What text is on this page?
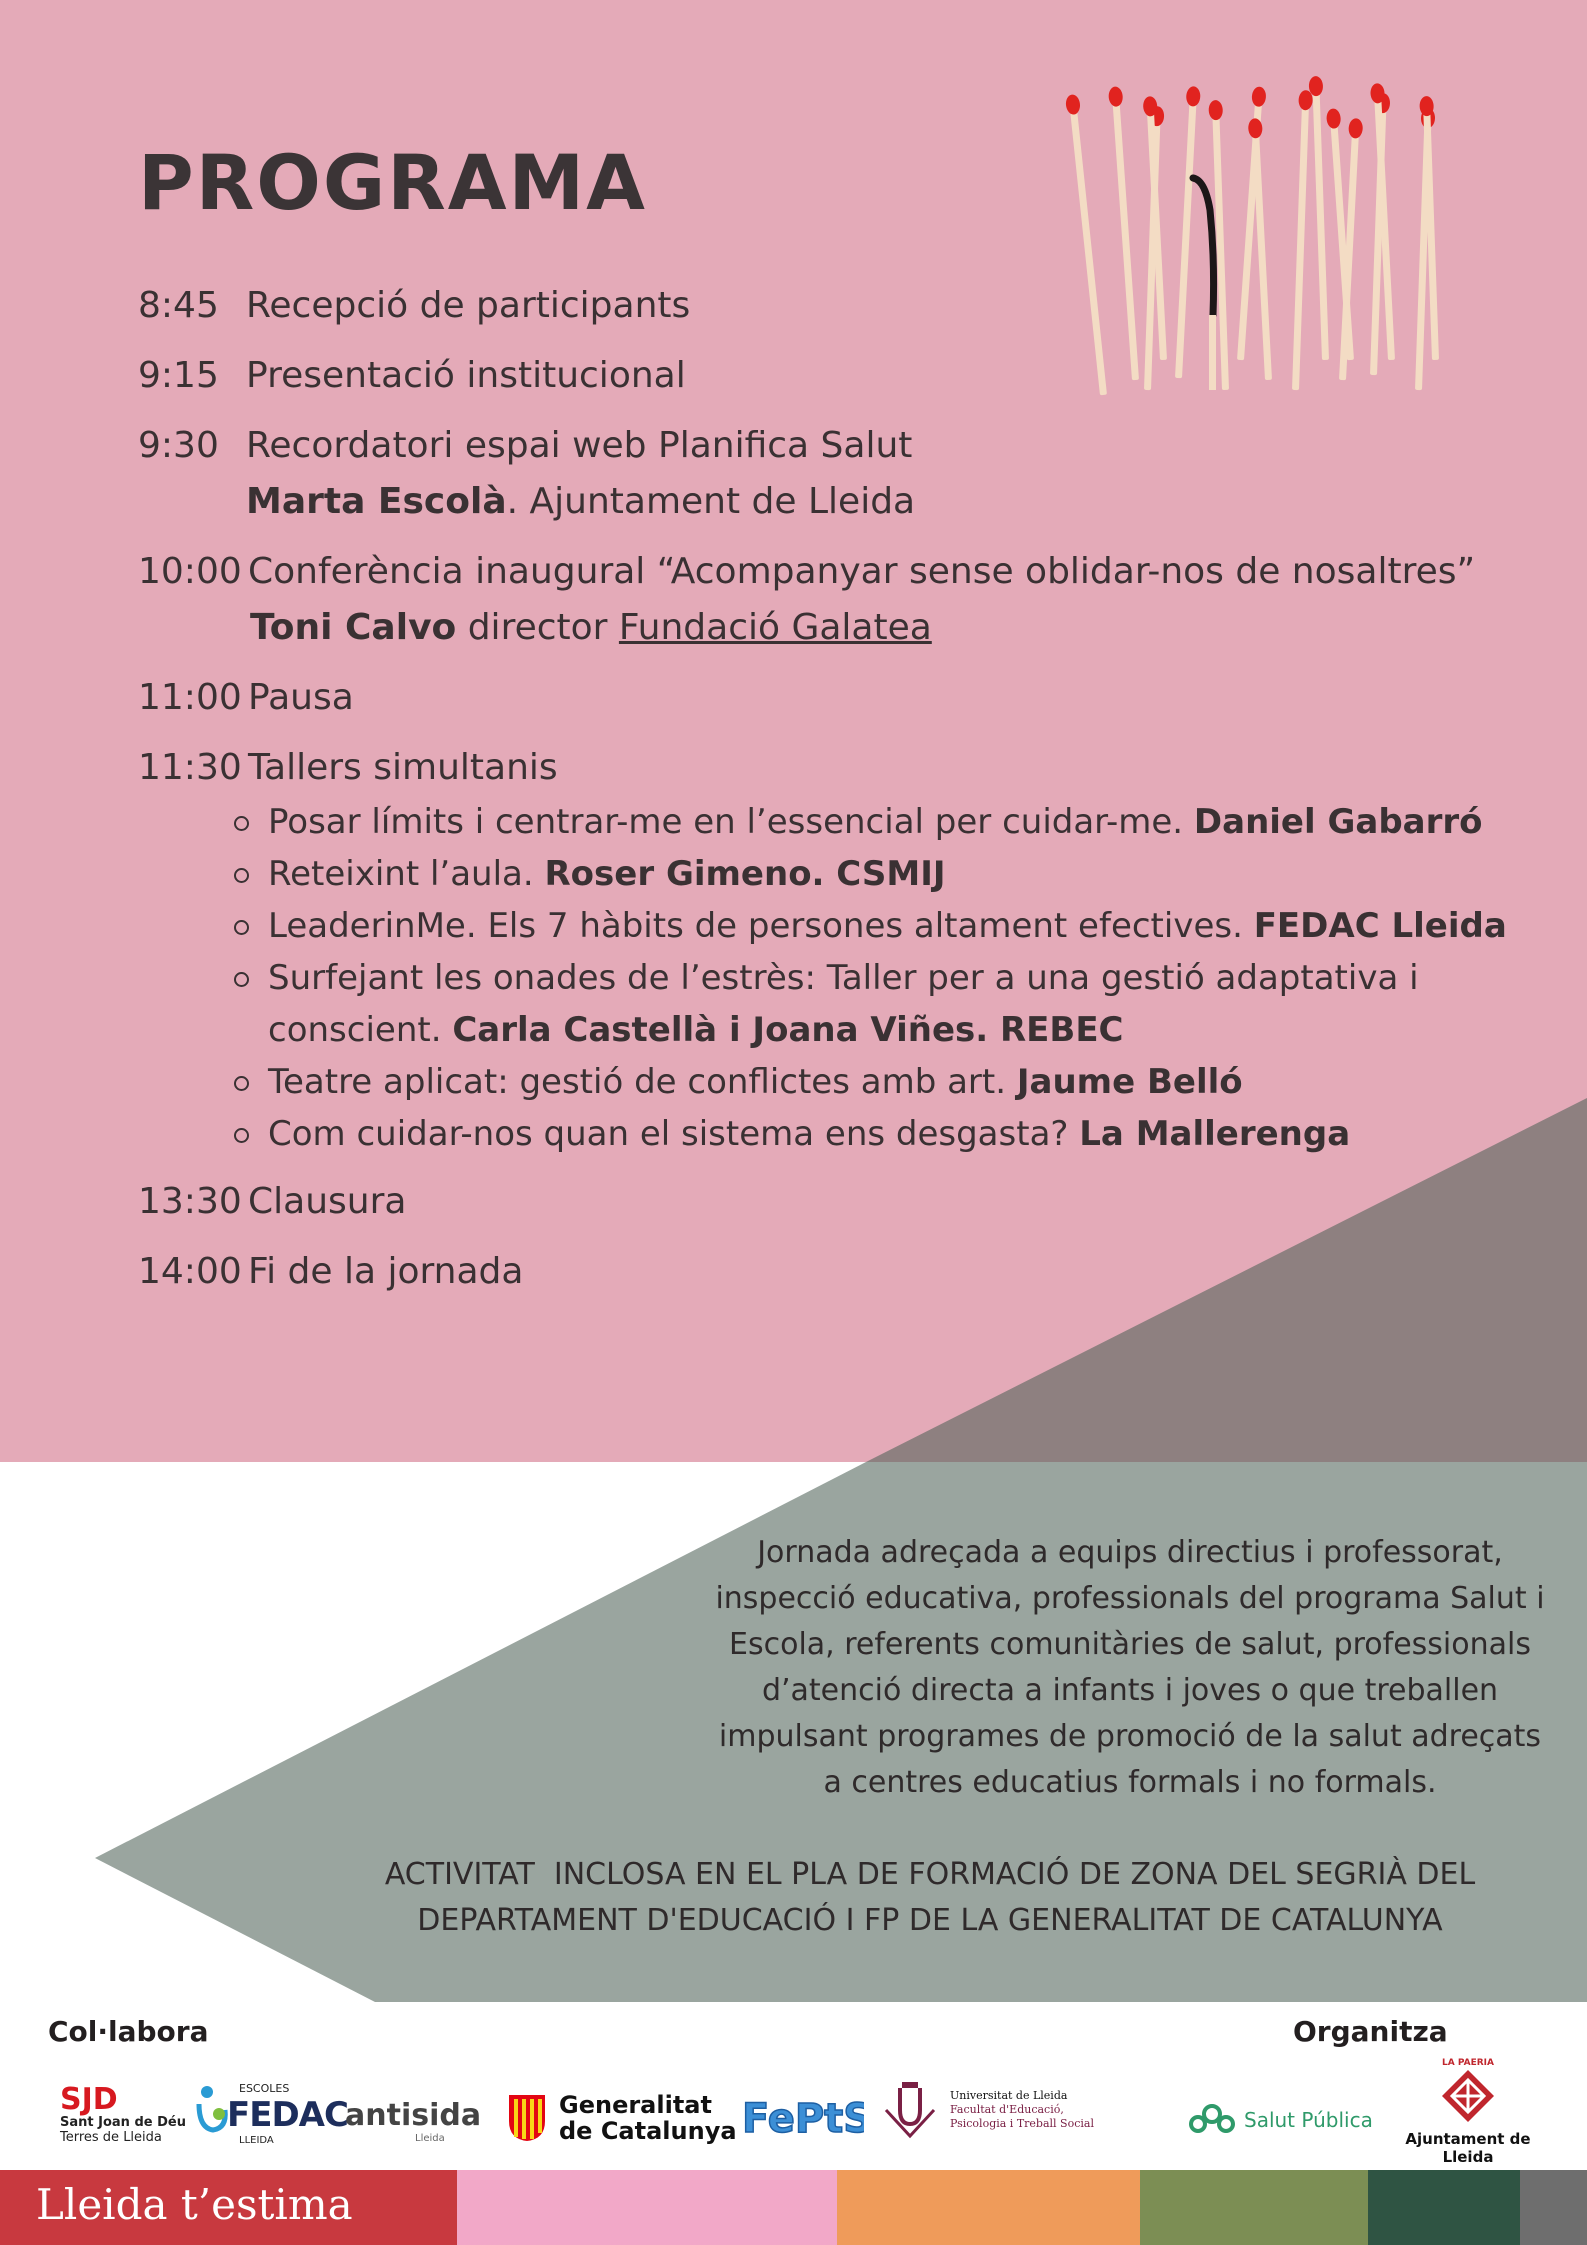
PROGRAMA
8:45 Recepció de participants
9:15 Presentació institucional
9:30 Recordatori espai web Planifica Salut
Marta Escolà. Ajuntament de Lleida
10:00 Conferència inaugural “Acompanyar sense oblidar-nos de nosaltres”
Toni Calvo director Fundació Galatea
11:00 Pausa
11:30 Tallers simultanis
Posar límits i centrar-me en l’essencial per cuidar-me. Daniel Gabarró
Reteixint l’aula. Roser Gimeno. CSMIJ
LeaderinMe. Els 7 hàbits de persones altament efectives. FEDAC Lleida
Surfejant les onades de l’estrès: Taller per a una gestió adaptativa i
conscient. Carla Castellà i Joana Viñes. REBEC
Teatre aplicat: gestió de conflictes amb art. Jaume Belló
Com cuidar-nos quan el sistema ens desgasta? La Mallerenga
13:30 Clausura
14:00 Fi de la jornada

Jornada adreçada a equips directius i professorat,
inspecció educativa, professionals del programa Salut i
Escola, referents comunitàries de salut, professionals
d’atenció directa a infants i joves o que treballen
impulsant programes de promoció de la salut adreçats
a centres educatius formals i no formals.

ACTIVITAT  INCLOSA EN EL PLA DE FORMACIÓ DE ZONA DEL SEGRIÀ DEL
DEPARTAMENT D'EDUCACIÓ I FP DE LA GENERALITAT DE CATALUNYA

Col·labora	Organitza
SJD
Sant Joan de Déu
Terres de Lleida
ESCOLES
FEDAC
LLEIDA
antisida
Lleida
Generalitat
de Catalunya FePtS
Universitat de Lleida
Facultat d'Educació,
Psicologia i Treball Social	Salut Pública
LA PAERIA
Ajuntament de Lleida
Lleida t’estima
